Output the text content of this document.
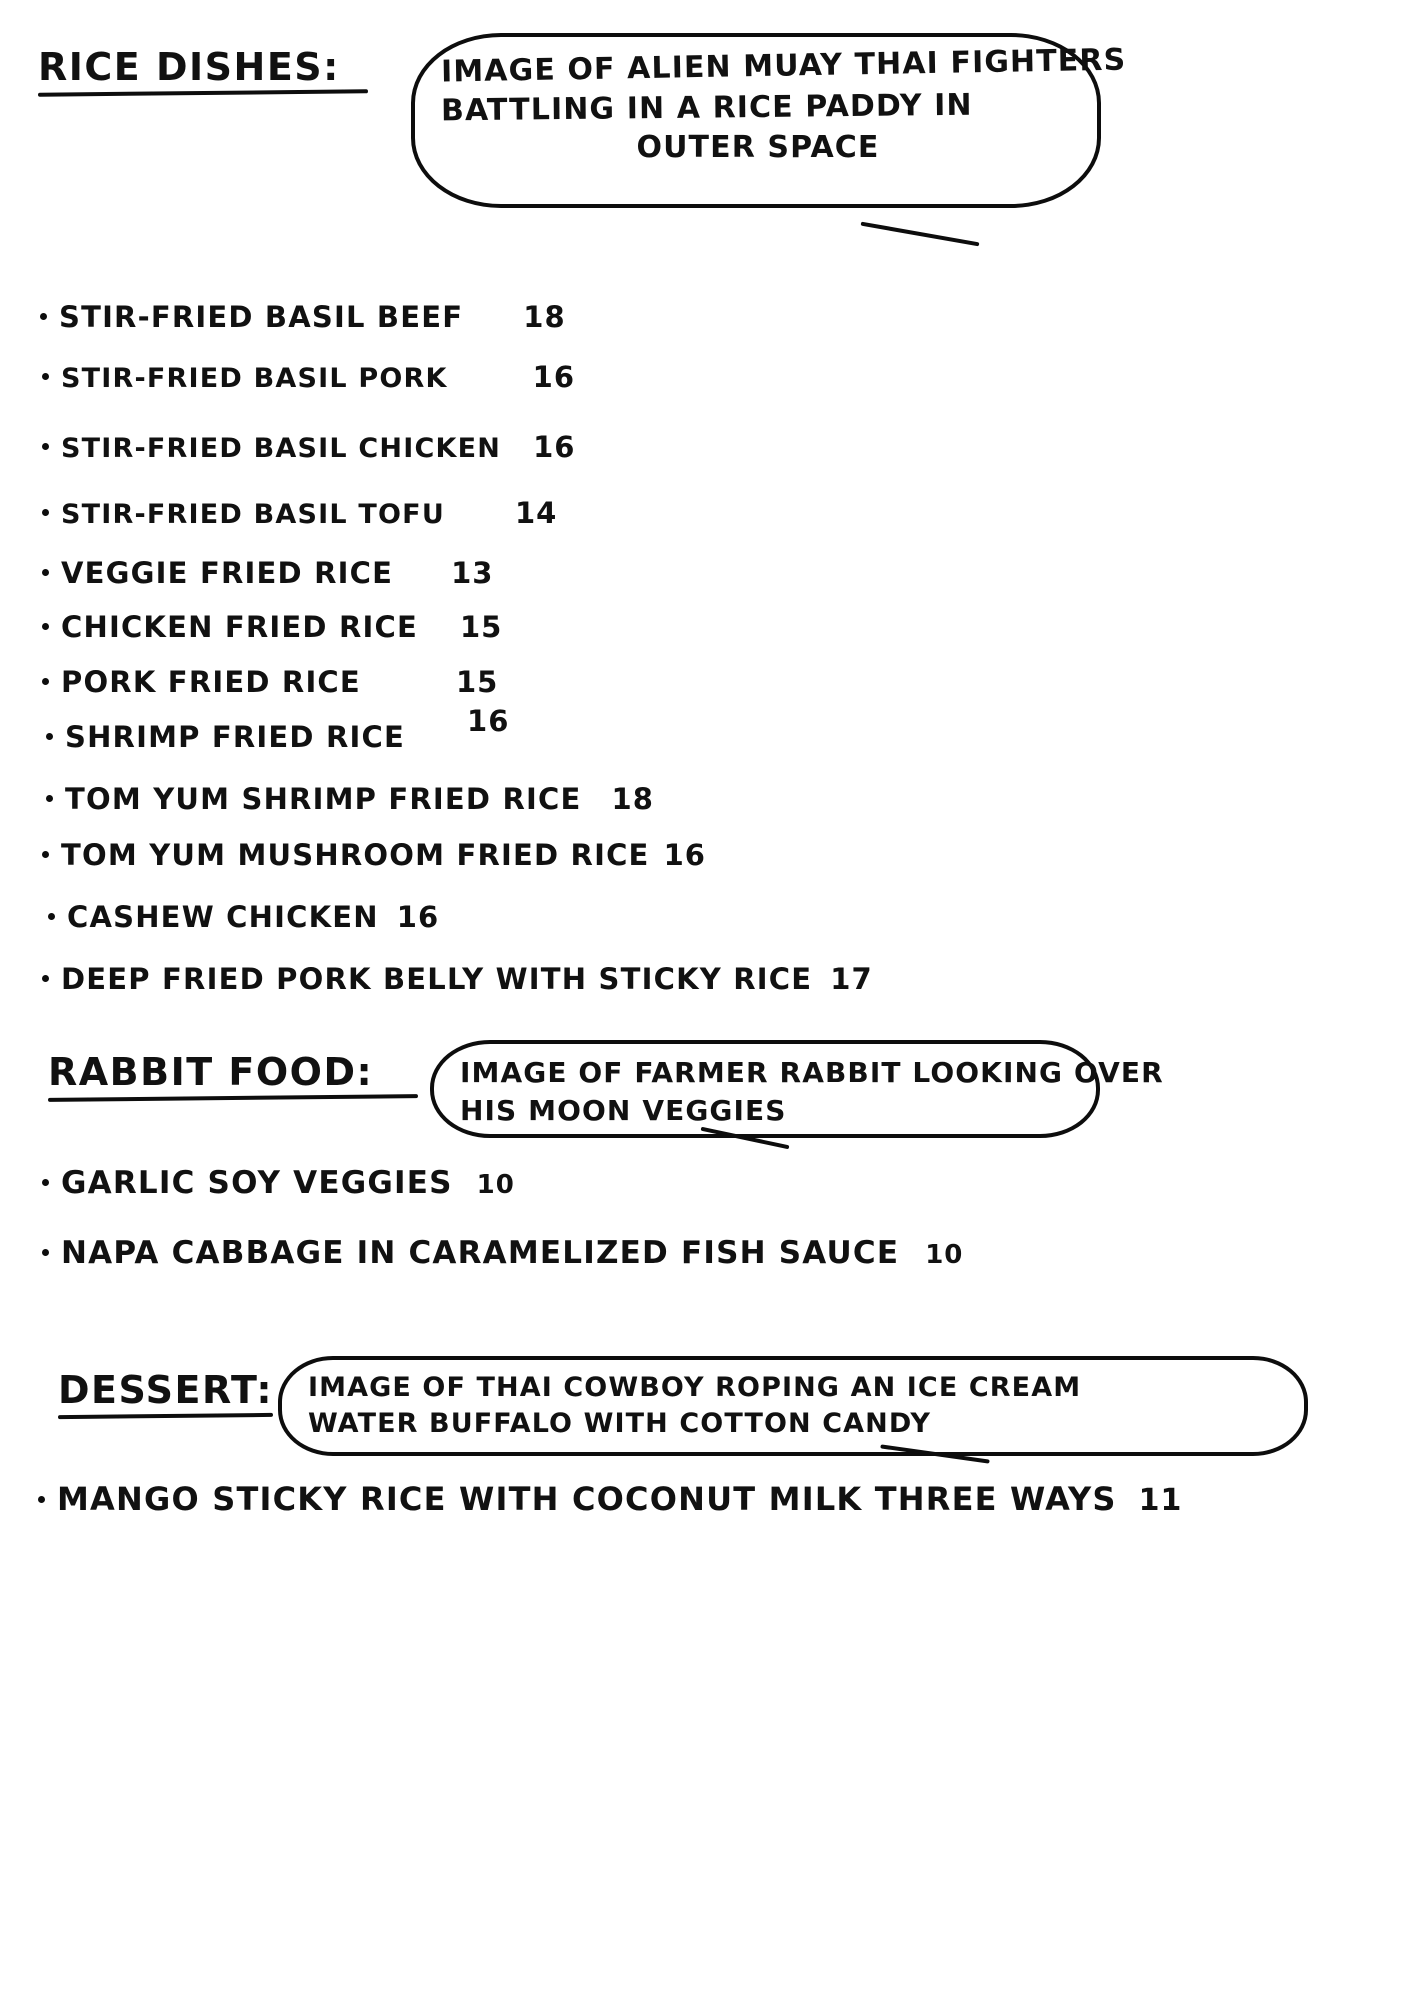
RICE DISHES:	IMAGE OF ALIEN MUAY THAI FIGHTERS
BATTLING IN A RICE PADDY IN
OUTER SPACE
STIR-FRIED BASIL BEEF 18
STIR-FRIED BASIL PORK	16
STIR-FRIED BASIL CHICKEN 16
STIR-FRIED BASIL TOFU 14
VEGGIE FRIED RICE 13
CHICKEN FRIED RICE 15
PORK FRIED RICE	15
SHRIMP FRIED RICE 16
TOM YUM SHRIMP FRIED RICE 18
TOM YUM MUSHROOM FRIED RICE 16
CASHEW CHICKEN 16
DEEP FRIED PORK BELLY WITH STICKY RICE 17
RABBIT FOOD:	IMAGE OF FARMER RABBIT LOOKING OVER
HIS MOON VEGGIES
GARLIC SOY VEGGIES 10
NAPA CABBAGE IN CARAMELIZED FISH SAUCE 10
DESSERT: IMAGE OF THAI COWBOY ROPING AN ICE CREAM
WATER BUFFALO WITH COTTON CANDY
MANGO STICKY RICE WITH COCONUT MILK THREE WAYS 11
